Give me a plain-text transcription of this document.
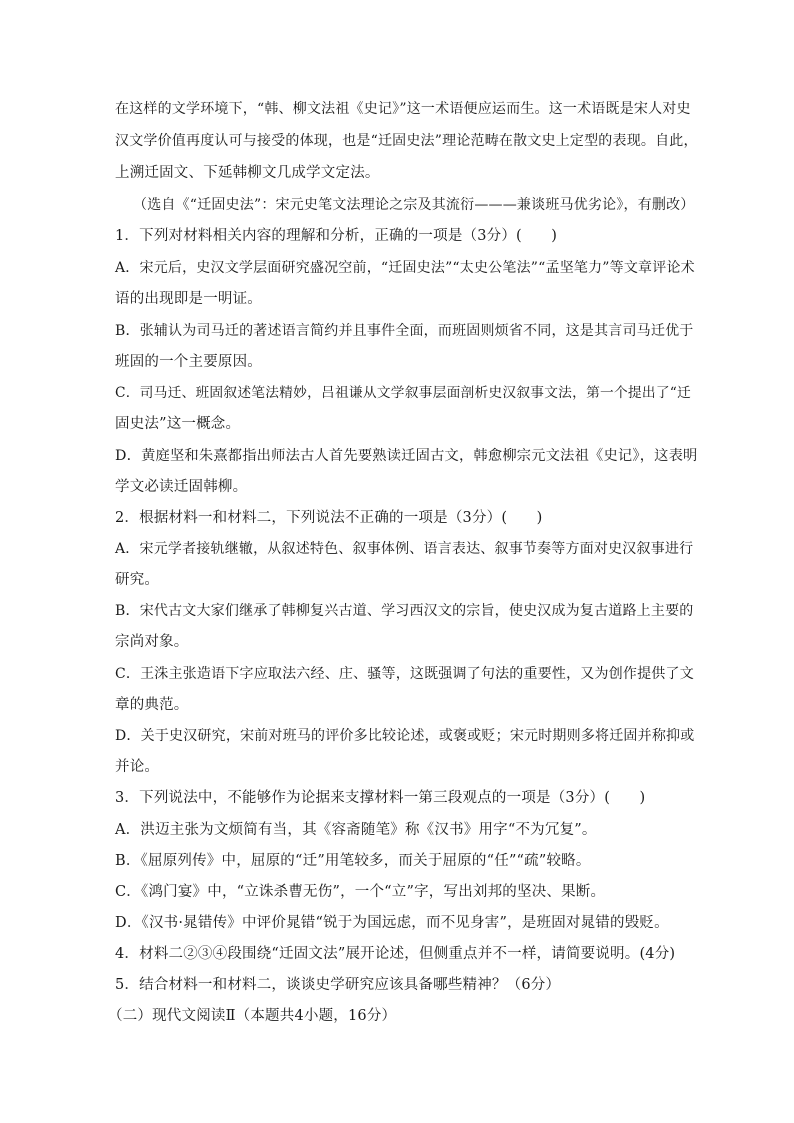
在这样的文学环境下，“韩、柳文法祖《史记》”这一术语便应运而生。这一术语既是宋人对史
汉文学价值再度认可与接受的体现，也是“迁固史法”理论范畴在散文史上定型的表现。自此，
上溯迁固文、下延韩柳文几成学文定法。
（选自《“迁固史法”：宋元史笔文法理论之宗及其流衍———兼谈班马优劣论》，有删改）
1．下列对材料相关内容的理解和分析，正确的一项是（3分）(　　)
A．宋元后，史汉文学层面研究盛况空前，“迁固史法”“太史公笔法”“孟坚笔力”等文章评论术
语的出现即是一明证。
B．张辅认为司马迁的著述语言简约并且事件全面，而班固则烦省不同，这是其言司马迁优于
班固的一个主要原因。
C．司马迁、班固叙述笔法精妙，吕祖谦从文学叙事层面剖析史汉叙事文法，第一个提出了“迁
固史法”这一概念。
D．黄庭坚和朱熹都指出师法古人首先要熟读迁固古文，韩愈柳宗元文法祖《史记》，这表明
学文必读迁固韩柳。
2．根据材料一和材料二，下列说法不正确的一项是（3分）(　　)
A．宋元学者接轨继辙，从叙述特色、叙事体例、语言表达、叙事节奏等方面对史汉叙事进行
研究。
B．宋代古文大家们继承了韩柳复兴古道、学习西汉文的宗旨，使史汉成为复古道路上主要的
宗尚对象。
C．王洙主张造语下字应取法六经、庄、骚等，这既强调了句法的重要性，又为创作提供了文
章的典范。
D．关于史汉研究，宋前对班马的评价多比较论述，或褒或贬；宋元时期则多将迁固并称抑或
并论。
3．下列说法中，不能够作为论据来支撑材料一第三段观点的一项是（3分）(　　)
A．洪迈主张为文烦简有当，其《容斋随笔》称《汉书》用字“不为冗复”。
B．《屈原列传》中，屈原的“迁”用笔较多，而关于屈原的“任”“疏”较略。
C．《鸿门宴》中，“立诛杀曹无伤”，一个“立”字，写出刘邦的坚决、果断。
D．《汉书·晁错传》中评价晁错“锐于为国远虑，而不见身害”，是班固对晁错的毁贬。
4．材料二②③④段围绕“迁固文法”展开论述，但侧重点并不一样，请简要说明。(4分)
5．结合材料一和材料二，谈谈史学研究应该具备哪些精神？（6分）
（二）现代文阅读Ⅱ（本题共4小题，16分）
